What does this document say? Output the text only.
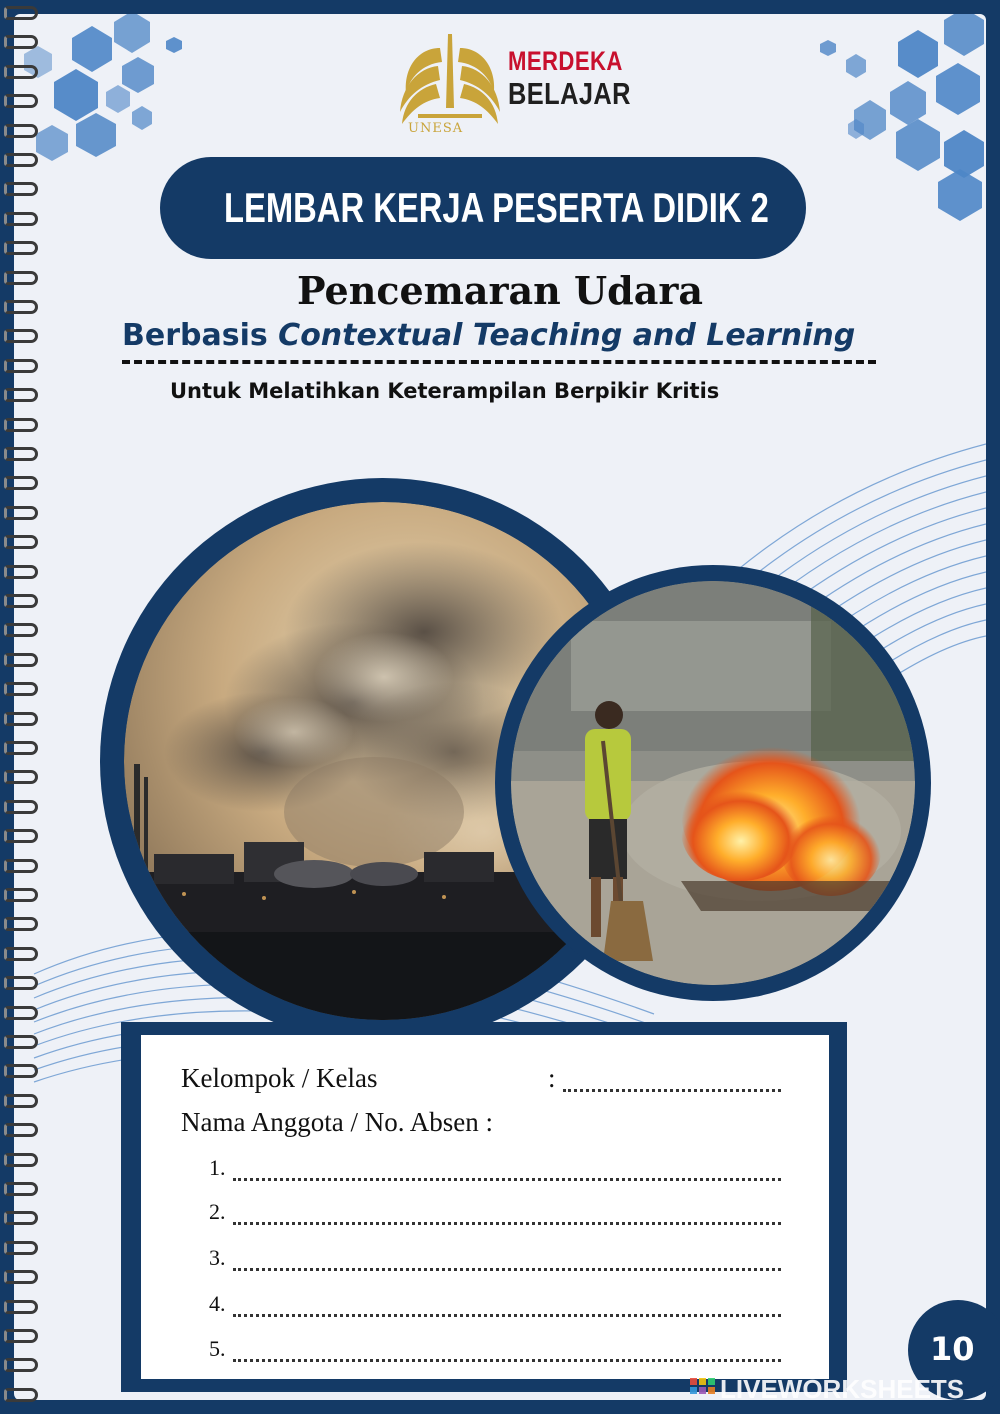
MERDEKA
BELAJAR
UNESA
LEMBAR KERJA PESERTA DIDIK 2
Pencemaran Udara
Berbasis Contextual Teaching and Learning
Untuk Melatihkan Keterampilan Berpikir Kritis
Kelompok / Kelas	:
Nama Anggota / No. Absen :
1.
2.
3.
4.
5.	10
LIVEWORKSHEETS
